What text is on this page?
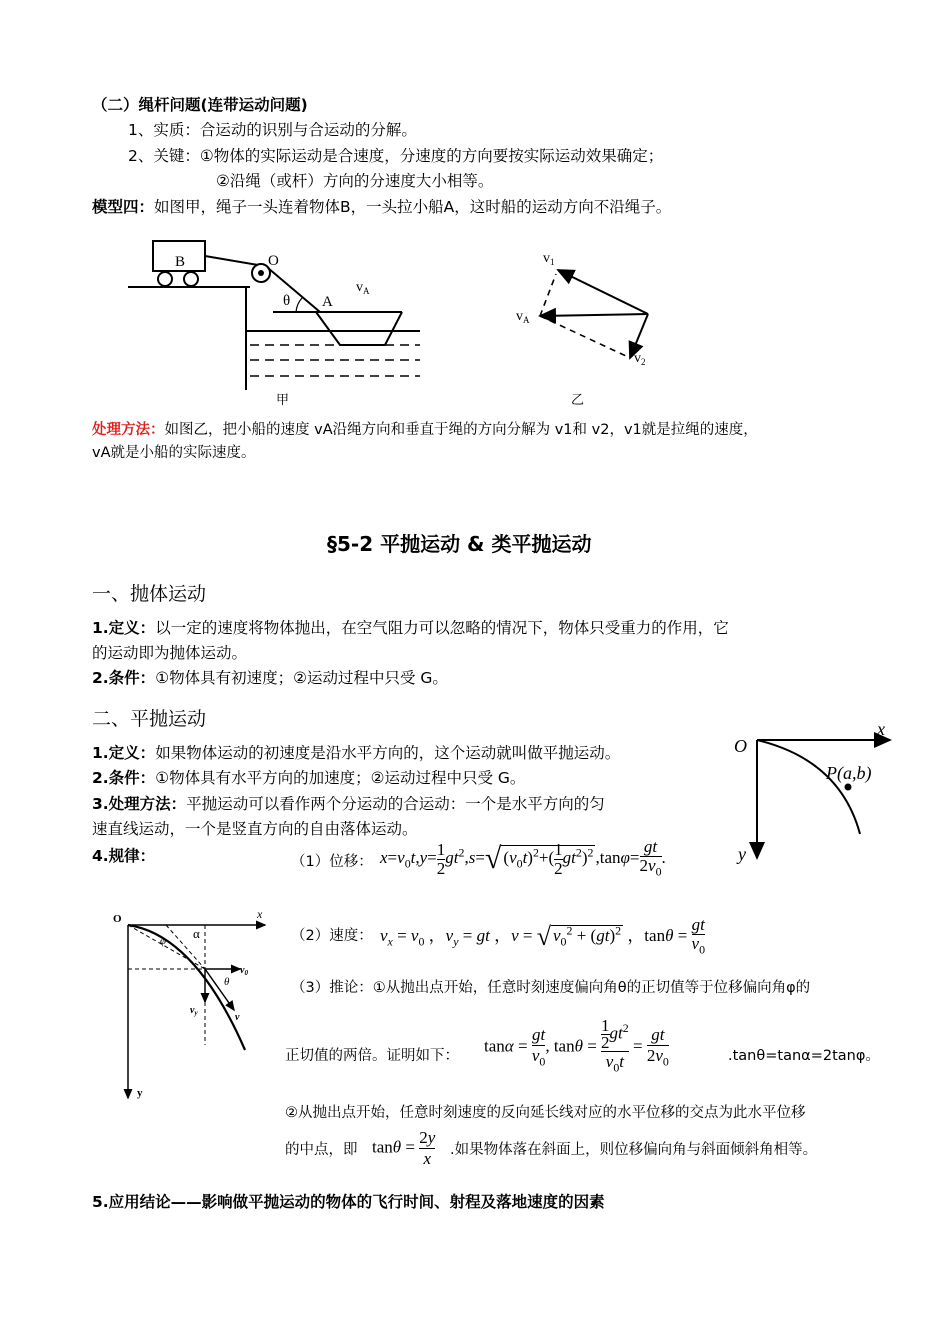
（二）绳杆问题(连带运动问题)
1、实质：合运动的识别与合运动的分解。
2、关键：①物体的实际运动是合速度，分速度的方向要按实际运动效果确定；
②沿绳（或杆）方向的分速度大小相等。
模型四：如图甲，绳子一头连着物体B，一头拉小船A，这时船的运动方向不沿绳子。
B	O
A
θ
$v_A$
甲
$v_1$
$v_A$
$v_2$
乙
处理方法：如图乙，把小船的速度 vA沿绳方向和垂直于绳的方向分解为 v1和 v2，v1就是拉绳的速度，
vA就是小船的实际速度。
§5-2 平抛运动 & 类平抛运动
一、抛体运动
1.定义：以一定的速度将物体抛出，在空气阻力可以忽略的情况下，物体只受重力的作用，它
的运动即为抛体运动。
2.条件：①物体具有初速度；②运动过程中只受 G。
二、平抛运动
1.定义：如果物体运动的初速度是沿水平方向的，这个运动就叫做平抛运动。
2.条件：①物体具有水平方向的加速度；②运动过程中只受 G。
3.处理方法：平抛运动可以看作两个分运动的合运动：一个是水平方向的匀
速直线运动，一个是竖直方向的自由落体运动。
4.规律：
O
x
y
P(a,b)
（1）位移： $x=v_0t,y= \frac{1}{2} gt^2,s=√$ $(v_0t)^2+( \frac{1}{2} gt^2)^2$ $,\tan\varphi= \frac{gt}{2v_0}$ .
O	x
y
α
φ
θ
$v_0$
$v_y$	v
（2）速度： $v_x = v_0$ ，$v_y$ = gt ，v = √ $v_0^2 + (gt)^2$ ，$\tan\theta = \frac{gt}{v_0}$
（3）推论：①从抛出点开始，任意时刻速度偏向角θ的正切值等于位移偏向角φ的
正切值的两倍。证明如下：
$\tan\alpha = \frac{gt}{v_0}$ , $\tan\theta = \frac{\frac{1}{2} gt^2}{v_0t} = \frac{gt}{2v_0}$	.tanθ=tanα=2tanφ。
②从抛出点开始，任意时刻速度的反向延长线对应的水平位移的交点为此水平位移
的中点，即 $\tan\theta = \frac{2y}{x}$ .如果物体落在斜面上，则位移偏向角与斜面倾斜角相等。
5.应用结论——影响做平抛运动的物体的飞行时间、射程及落地速度的因素
